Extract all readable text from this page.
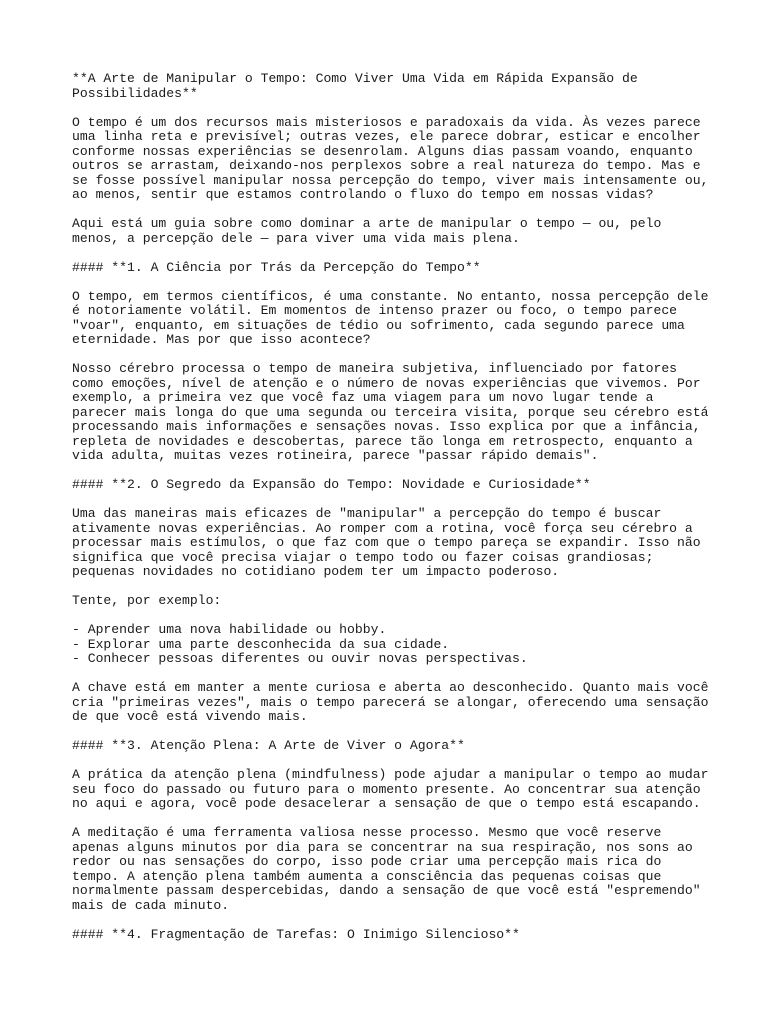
**A Arte de Manipular o Tempo: Como Viver Uma Vida em Rápida Expansão de Possibilidades**
O tempo é um dos recursos mais misteriosos e paradoxais da vida. Às vezes parece uma linha reta e previsível; outras vezes, ele parece dobrar, esticar e encolher conforme nossas experiências se desenrolam. Alguns dias passam voando, enquanto outros se arrastam, deixando-nos perplexos sobre a real natureza do tempo. Mas e se fosse possível manipular nossa percepção do tempo, viver mais intensamente ou, ao menos, sentir que estamos controlando o fluxo do tempo em nossas vidas?
Aqui está um guia sobre como dominar a arte de manipular o tempo — ou, pelo menos, a percepção dele — para viver uma vida mais plena.
#### **1. A Ciência por Trás da Percepção do Tempo**
O tempo, em termos científicos, é uma constante. No entanto, nossa percepção dele é notoriamente volátil. Em momentos de intenso prazer ou foco, o tempo parece "voar", enquanto, em situações de tédio ou sofrimento, cada segundo parece uma eternidade. Mas por que isso acontece?
Nosso cérebro processa o tempo de maneira subjetiva, influenciado por fatores como emoções, nível de atenção e o número de novas experiências que vivemos. Por exemplo, a primeira vez que você faz uma viagem para um novo lugar tende a parecer mais longa do que uma segunda ou terceira visita, porque seu cérebro está processando mais informações e sensações novas. Isso explica por que a infância, repleta de novidades e descobertas, parece tão longa em retrospecto, enquanto a vida adulta, muitas vezes rotineira, parece "passar rápido demais".
#### **2. O Segredo da Expansão do Tempo: Novidade e Curiosidade**
Uma das maneiras mais eficazes de "manipular" a percepção do tempo é buscar ativamente novas experiências. Ao romper com a rotina, você força seu cérebro a processar mais estímulos, o que faz com que o tempo pareça se expandir. Isso não significa que você precisa viajar o tempo todo ou fazer coisas grandiosas; pequenas novidades no cotidiano podem ter um impacto poderoso.
Tente, por exemplo:
- Aprender uma nova habilidade ou hobby.
- Explorar uma parte desconhecida da sua cidade.
- Conhecer pessoas diferentes ou ouvir novas perspectivas.
A chave está em manter a mente curiosa e aberta ao desconhecido. Quanto mais você cria "primeiras vezes", mais o tempo parecerá se alongar, oferecendo uma sensação de que você está vivendo mais.
#### **3. Atenção Plena: A Arte de Viver o Agora**
A prática da atenção plena (mindfulness) pode ajudar a manipular o tempo ao mudar seu foco do passado ou futuro para o momento presente. Ao concentrar sua atenção no aqui e agora, você pode desacelerar a sensação de que o tempo está escapando.
A meditação é uma ferramenta valiosa nesse processo. Mesmo que você reserve apenas alguns minutos por dia para se concentrar na sua respiração, nos sons ao redor ou nas sensações do corpo, isso pode criar uma percepção mais rica do tempo. A atenção plena também aumenta a consciência das pequenas coisas que normalmente passam despercebidas, dando a sensação de que você está "espremendo" mais de cada minuto.
#### **4. Fragmentação de Tarefas: O Inimigo Silencioso**
